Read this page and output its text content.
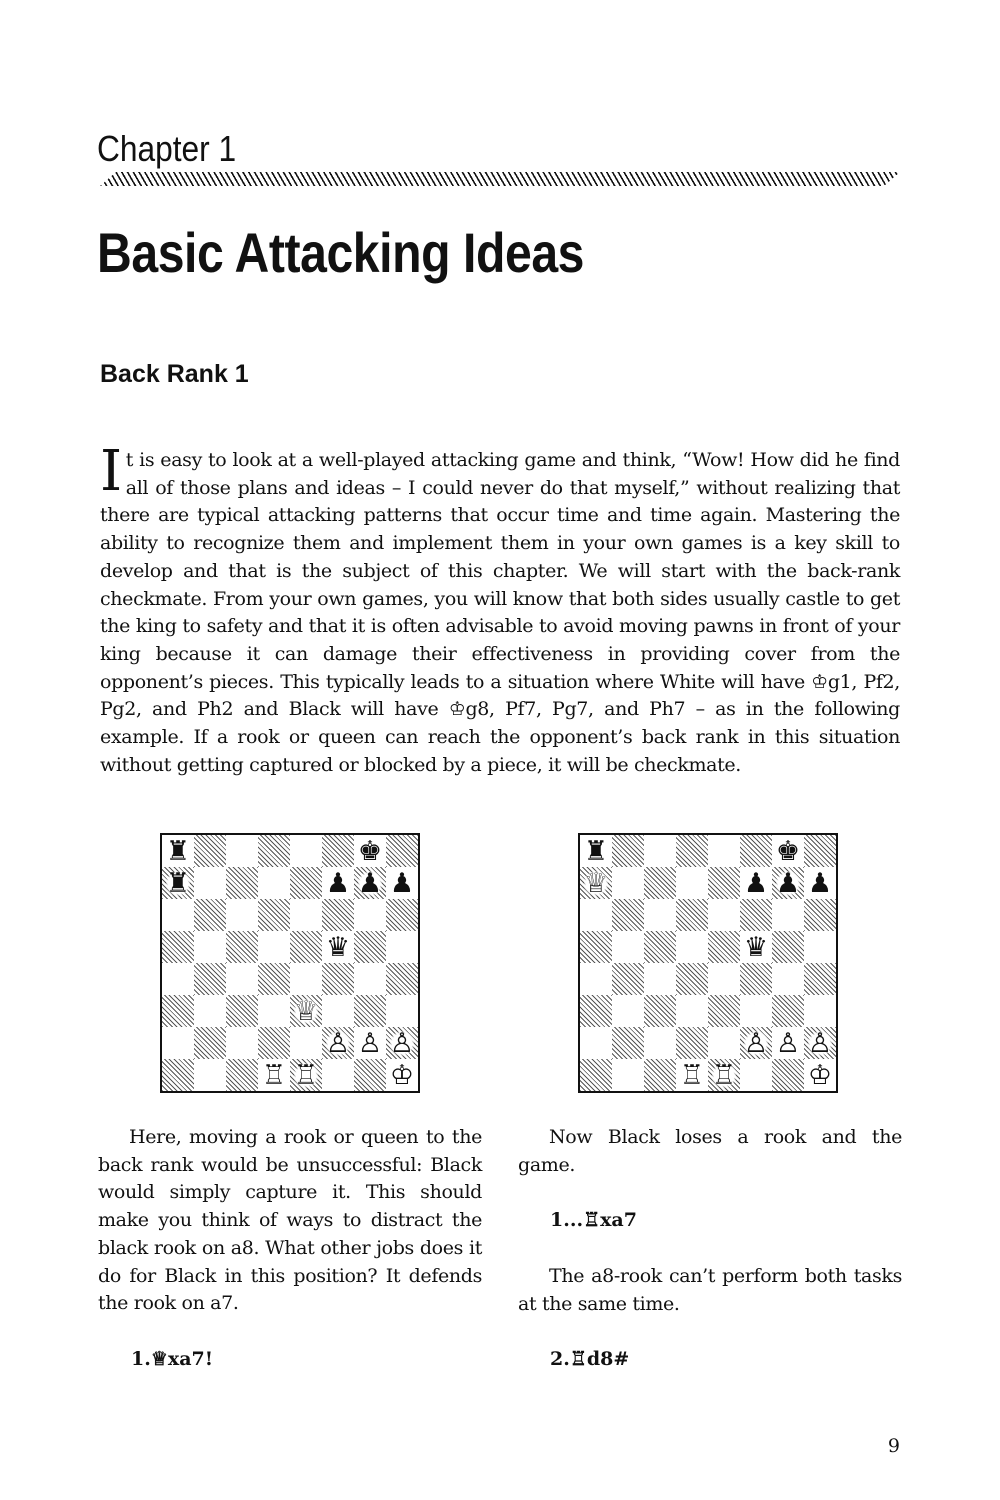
Chapter 1
Basic Attacking Ideas
Back Rank 1

It is easy to look at a well-played attacking game and think, “Wow! How did he find all of those plans and ideas – I could never do that myself,” without realizing that there are typical attacking patterns that occur time and time again. Mastering the ability to recognize them and implement them in your own games is a key skill to develop and that is the subject of this chapter. We will start with the back-rank checkmate. From your own games, you will know that both sides usually castle to get the king to safety and that it is often advisable to avoid moving pawns in front of your king because it can damage their effectiveness in providing cover from the opponent’s pieces. This typically leads to a situation where White will have ♔g1, Pf2, Pg2, and Ph2 and Black will have ♔g8, Pf7, Pg7, and Ph7 – as in the following example. If a rook or queen can reach the opponent’s back rank in this situation without getting captured or blocked by a piece, it will be checkmate.

♜	♚
♜	♟ ♟ ♟
♛
♕
♙ ♙ ♙
♖ ♖	♔
♜	♚
♕	♟ ♟ ♟
♛
♙ ♙ ♙
♖ ♖	♔

Here, moving a rook or queen to the back rank would be unsuccessful: Black would simply capture it. This should make you think of ways to distract the black rook on a8. What other jobs does it do for Black in this position? It defends the rook on a7.

1.♕xa7!

Now Black loses a rook and the game.

1...♖xa7

The a8-rook can’t perform both tasks at the same time.

2.♖d8#
9
